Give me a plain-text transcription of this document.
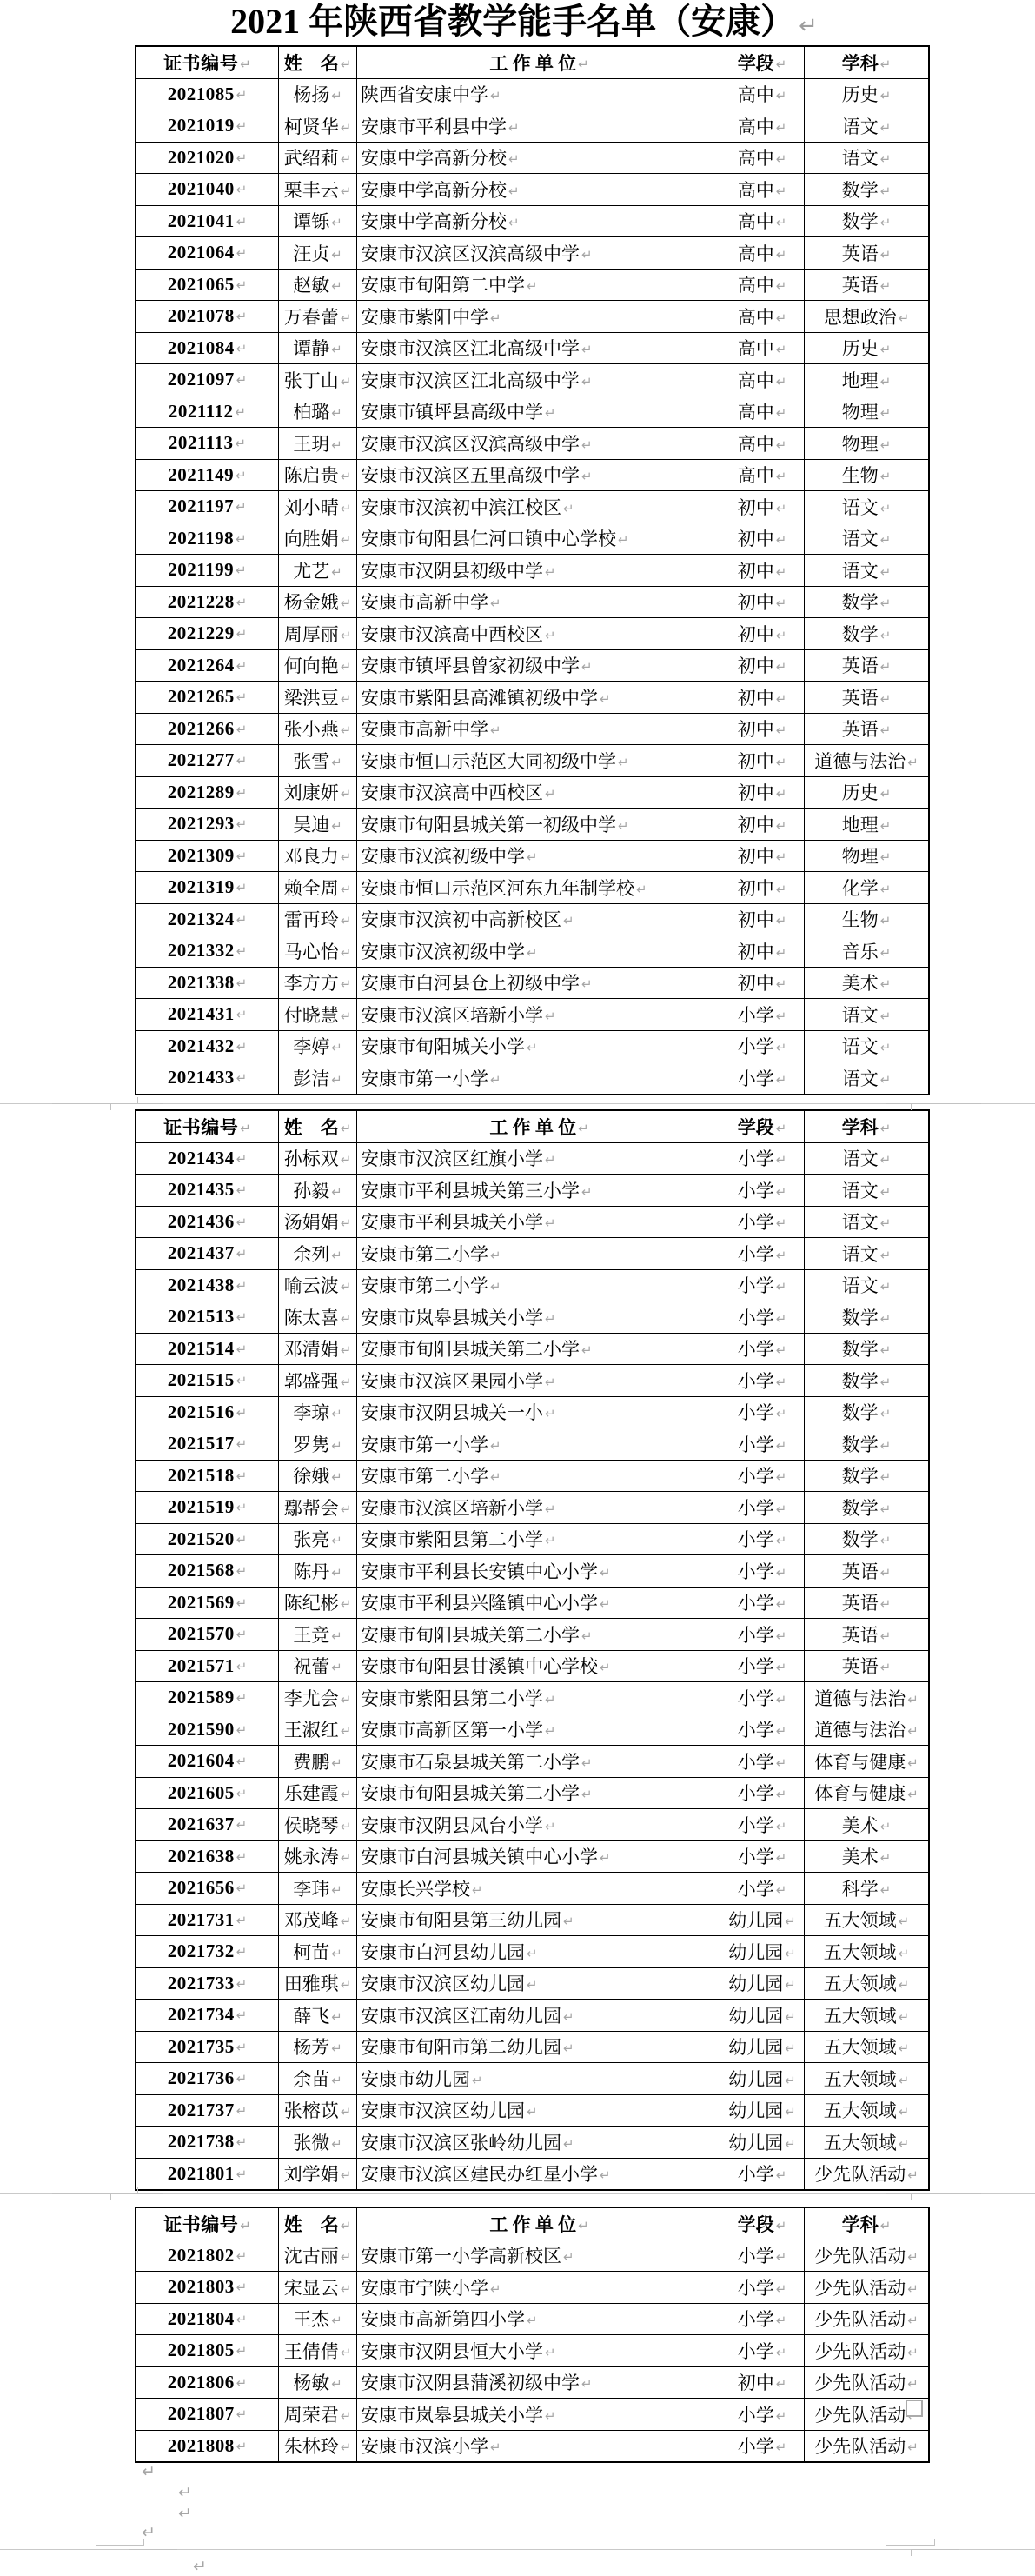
2021 年陕西省教学能手名单（安康） ↵
证书编号 ↵	姓　名 ↵	工 作 单 位 ↵	学段 ↵	学科 ↵
2021085 ↵	杨扬 ↵	陕西省安康中学 ↵	高中 ↵	历史 ↵
2021019 ↵	柯贤华 ↵	安康市平利县中学 ↵	高中 ↵	语文 ↵
2021020 ↵	武绍莉 ↵	安康中学高新分校 ↵	高中 ↵	语文 ↵
2021040 ↵	栗丰云 ↵	安康中学高新分校 ↵	高中 ↵	数学 ↵
2021041 ↵	谭铄 ↵	安康中学高新分校 ↵	高中 ↵	数学 ↵
2021064 ↵	汪贞 ↵	安康市汉滨区汉滨高级中学 ↵	高中 ↵	英语 ↵
2021065 ↵	赵敏 ↵	安康市旬阳第二中学 ↵	高中 ↵	英语 ↵
2021078 ↵	万春蕾 ↵	安康市紫阳中学 ↵	高中 ↵	思想政治 ↵
2021084 ↵	谭静 ↵	安康市汉滨区江北高级中学 ↵	高中 ↵	历史 ↵
2021097 ↵	张丁山 ↵	安康市汉滨区江北高级中学 ↵	高中 ↵	地理 ↵
2021112 ↵	柏璐 ↵	安康市镇坪县高级中学 ↵	高中 ↵	物理 ↵
2021113 ↵	王玥 ↵	安康市汉滨区汉滨高级中学 ↵	高中 ↵	物理 ↵
2021149 ↵	陈启贵 ↵	安康市汉滨区五里高级中学 ↵	高中 ↵	生物 ↵
2021197 ↵	刘小晴 ↵	安康市汉滨初中滨江校区 ↵	初中 ↵	语文 ↵
2021198 ↵	向胜娟 ↵	安康市旬阳县仁河口镇中心学校 ↵	初中 ↵	语文 ↵
2021199 ↵	尤艺 ↵	安康市汉阴县初级中学 ↵	初中 ↵	语文 ↵
2021228 ↵	杨金娥 ↵	安康市高新中学 ↵	初中 ↵	数学 ↵
2021229 ↵	周厚丽 ↵	安康市汉滨高中西校区 ↵	初中 ↵	数学 ↵
2021264 ↵	何向艳 ↵	安康市镇坪县曾家初级中学 ↵	初中 ↵	英语 ↵
2021265 ↵	梁洪豆 ↵	安康市紫阳县高滩镇初级中学 ↵	初中 ↵	英语 ↵
2021266 ↵	张小燕 ↵	安康市高新中学 ↵	初中 ↵	英语 ↵
2021277 ↵	张雪 ↵	安康市恒口示范区大同初级中学 ↵	初中 ↵	道德与法治 ↵
2021289 ↵	刘康妍 ↵	安康市汉滨高中西校区 ↵	初中 ↵	历史 ↵
2021293 ↵	吴迪 ↵	安康市旬阳县城关第一初级中学 ↵	初中 ↵	地理 ↵
2021309 ↵	邓良力 ↵	安康市汉滨初级中学 ↵	初中 ↵	物理 ↵
2021319 ↵	赖全周 ↵	安康市恒口示范区河东九年制学校 ↵	初中 ↵	化学 ↵
2021324 ↵	雷再玲 ↵	安康市汉滨初中高新校区 ↵	初中 ↵	生物 ↵
2021332 ↵	马心怡 ↵	安康市汉滨初级中学 ↵	初中 ↵	音乐 ↵
2021338 ↵	李方方 ↵	安康市白河县仓上初级中学 ↵	初中 ↵	美术 ↵
2021431 ↵	付晓慧 ↵	安康市汉滨区培新小学 ↵	小学 ↵	语文 ↵
2021432 ↵	李婷 ↵	安康市旬阳城关小学 ↵	小学 ↵	语文 ↵
2021433 ↵	彭洁 ↵	安康市第一小学 ↵	小学 ↵	语文 ↵
证书编号 ↵	姓　名 ↵	工 作 单 位 ↵	学段 ↵	学科 ↵
2021434 ↵	孙标双 ↵	安康市汉滨区红旗小学 ↵	小学 ↵	语文 ↵
2021435 ↵	孙毅 ↵	安康市平利县城关第三小学 ↵	小学 ↵	语文 ↵
2021436 ↵	汤娟娟 ↵	安康市平利县城关小学 ↵	小学 ↵	语文 ↵
2021437 ↵	余列 ↵	安康市第二小学 ↵	小学 ↵	语文 ↵
2021438 ↵	喻云波 ↵	安康市第二小学 ↵	小学 ↵	语文 ↵
2021513 ↵	陈太喜 ↵	安康市岚皋县城关小学 ↵	小学 ↵	数学 ↵
2021514 ↵	邓清娟 ↵	安康市旬阳县城关第二小学 ↵	小学 ↵	数学 ↵
2021515 ↵	郭盛强 ↵	安康市汉滨区果园小学 ↵	小学 ↵	数学 ↵
2021516 ↵	李琼 ↵	安康市汉阴县城关一小 ↵	小学 ↵	数学 ↵
2021517 ↵	罗隽 ↵	安康市第一小学 ↵	小学 ↵	数学 ↵
2021518 ↵	徐娥 ↵	安康市第二小学 ↵	小学 ↵	数学 ↵
2021519 ↵	鄢帮会 ↵	安康市汉滨区培新小学 ↵	小学 ↵	数学 ↵
2021520 ↵	张亮 ↵	安康市紫阳县第二小学 ↵	小学 ↵	数学 ↵
2021568 ↵	陈丹 ↵	安康市平利县长安镇中心小学 ↵	小学 ↵	英语 ↵
2021569 ↵	陈纪彬 ↵	安康市平利县兴隆镇中心小学 ↵	小学 ↵	英语 ↵
2021570 ↵	王竞 ↵	安康市旬阳县城关第二小学 ↵	小学 ↵	英语 ↵
2021571 ↵	祝蕾 ↵	安康市旬阳县甘溪镇中心学校 ↵	小学 ↵	英语 ↵
2021589 ↵	李尤会 ↵	安康市紫阳县第二小学 ↵	小学 ↵	道德与法治 ↵
2021590 ↵	王淑红 ↵	安康市高新区第一小学 ↵	小学 ↵	道德与法治 ↵
2021604 ↵	费鹏 ↵	安康市石泉县城关第二小学 ↵	小学 ↵	体育与健康 ↵
2021605 ↵	乐建霞 ↵	安康市旬阳县城关第二小学 ↵	小学 ↵	体育与健康 ↵
2021637 ↵	侯晓琴 ↵	安康市汉阴县凤台小学 ↵	小学 ↵	美术 ↵
2021638 ↵	姚永涛 ↵	安康市白河县城关镇中心小学 ↵	小学 ↵	美术 ↵
2021656 ↵	李玮 ↵	安康长兴学校 ↵	小学 ↵	科学 ↵
2021731 ↵	邓茂峰 ↵	安康市旬阳县第三幼儿园 ↵	幼儿园 ↵	五大领域 ↵
2021732 ↵	柯苗 ↵	安康市白河县幼儿园 ↵	幼儿园 ↵	五大领域 ↵
2021733 ↵	田雅琪 ↵	安康市汉滨区幼儿园 ↵	幼儿园 ↵	五大领域 ↵
2021734 ↵	薛飞 ↵	安康市汉滨区江南幼儿园 ↵	幼儿园 ↵	五大领域 ↵
2021735 ↵	杨芳 ↵	安康市旬阳市第二幼儿园 ↵	幼儿园 ↵	五大领域 ↵
2021736 ↵	余苗 ↵	安康市幼儿园 ↵	幼儿园 ↵	五大领域 ↵
2021737 ↵	张榕苡 ↵	安康市汉滨区幼儿园 ↵	幼儿园 ↵	五大领域 ↵
2021738 ↵	张微 ↵	安康市汉滨区张岭幼儿园 ↵	幼儿园 ↵	五大领域 ↵
2021801 ↵	刘学娟 ↵	安康市汉滨区建民办红星小学 ↵	小学 ↵	少先队活动 ↵
证书编号 ↵	姓　名 ↵	工 作 单 位 ↵	学段 ↵	学科 ↵
2021802 ↵	沈古丽 ↵	安康市第一小学高新校区 ↵	小学 ↵	少先队活动 ↵
2021803 ↵	宋显云 ↵	安康市宁陕小学 ↵	小学 ↵	少先队活动 ↵
2021804 ↵	王杰 ↵	安康市高新第四小学 ↵	小学 ↵	少先队活动 ↵
2021805 ↵	王倩倩 ↵	安康市汉阴县恒大小学 ↵	小学 ↵	少先队活动 ↵
2021806 ↵	杨敏 ↵	安康市汉阴县蒲溪初级中学 ↵	初中 ↵	少先队活动 ↵
2021807 ↵	周荣君 ↵	安康市岚皋县城关小学 ↵	小学 ↵	少先队活动
2021808 ↵	朱林玲 ↵	安康市汉滨小学 ↵	小学 ↵	少先队活动 ↵
↵
↵
↵
↵
↵
